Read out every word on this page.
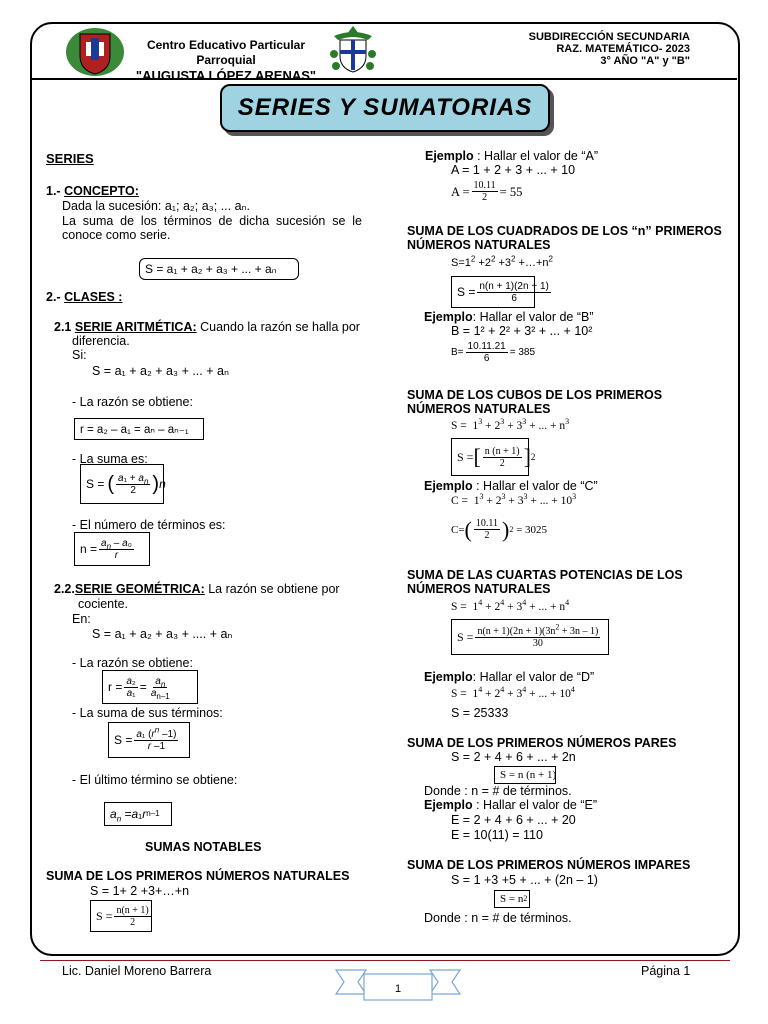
Centro Educativo Particular Parroquial
"AUGUSTA LÓPEZ ARENAS"
SUBDIRECCIÓN SECUNDARIA
RAZ. MATEMÁTICO- 2023
3° AÑO "A" y "B"
SERIES Y SUMATORIAS
SERIES
1.- CONCEPTO:
Dada la sucesión: a₁; a₂; a₃; ... aₙ.
La suma de los términos de dicha sucesión se le conoce como serie.
S = a₁ + a₂ + a₃ + ... + aₙ
2.- CLASES :
2.1 SERIE ARITMÉTICA: Cuando la razón se halla por
diferencia.
Si:
S = a₁ + a₂ + a₃ + ... + aₙ
- La razón se obtiene:
r = a₂ – a₁ = aₙ – aₙ₋₁
- La suma es:
S = ( $\frac{a_1 + a_n}{2}$ ) n
- El número de términos es:
$n = \frac{a_n - a_0}{r}$
2.2.SERIE GEOMÉTRICA: La razón se obtiene por
cociente.
En:
S = a₁ + a₂ + a₃ + .... + aₙ
- La razón se obtiene:
$r = \frac{\text{a₂}}{\text{a₁}} = \frac{a_n}{a_{n-1}}$
- La suma de sus términos:
$S = \frac{a_1 (r^n -1)}{r -1}$
- El último término se obtiene:
$a_n = a$ ₁ r n–1
SUMAS NOTABLES
SUMA DE LOS PRIMEROS NÚMEROS NATURALES
S = 1+ 2 +3+…+n
$S = \frac{n(n + 1)}{2}$
Ejemplo : Hallar el valor de “A”
A = 1 + 2 + 3 + ... + 10
$A = \frac{10.11}{2} = 55$
SUMA DE LOS CUADRADOS DE LOS “n” PRIMEROS
NÚMEROS NATURALES
$S=1^2 +2^2 +3^2$ $+\dots+n^2$
$S = \frac{n(n + 1)(2n + 1)}{6}$
Ejemplo: Hallar el valor de “B”
B = 1² + 2² + 3² + ... + 10²
$B= \frac{10.11.21}{6} = 385$
SUMA DE LOS CUBOS DE LOS PRIMEROS
NÚMEROS NATURALES
$S = 1^3 + 2^3 + 3^3$ + ... + $n^3$
S = [ $\frac{n (n + 1)}{2}$ ] 2
Ejemplo : Hallar el valor de “C”
$C = 1^3 + 2^3 + 3^3$ + ... + $10^3$
C= ( $\frac{10.11}{2}$ ) 2
= 3025
SUMA DE LAS CUARTAS POTENCIAS DE LOS
NÚMEROS NATURALES
$S = 1^4 + 2^4 + 3^4$ + ... + $n^4$
$S = \frac{n(n + 1)(2n + 1)(3n^2 + 3n - 1)}{30}$
Ejemplo: Hallar el valor de “D”
$S = 1^4 + 2^4 + 3^4$ + ... + $10^4$
S = 25333
SUMA DE LOS PRIMEROS NÚMEROS PARES
S = 2 + 4 + 6 + ... + 2n
S = n (n + 1)
Donde : n = # de términos.
Ejemplo : Hallar el valor de “E”
E = 2 + 4 + 6 + ... + 20
E = 10(11) = 110
SUMA DE LOS PRIMEROS NÚMEROS IMPARES
S = 1 +3 +5 + ... + (2n – 1)
S = n 2
Donde : n = # de términos.
Lic. Daniel Moreno Barrera	Página 1
1
